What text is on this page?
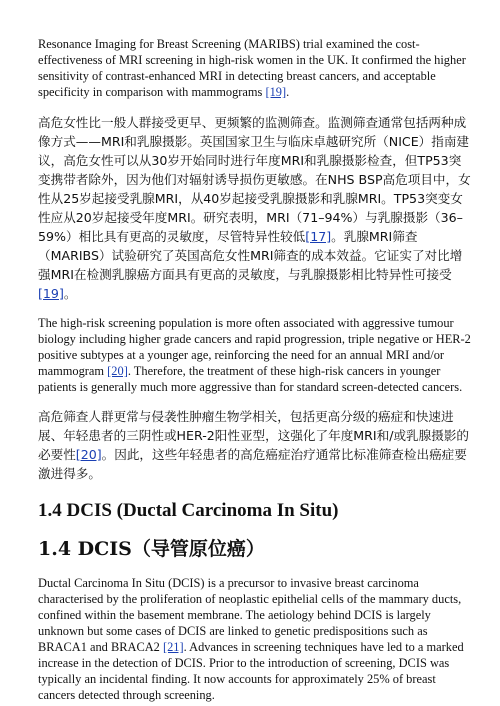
Resonance Imaging for Breast Screening (MARIBS) trial examined the cost-effectiveness of MRI screening in high-risk women in the UK. It confirmed the higher sensitivity of contrast-enhanced MRI in detecting breast cancers, and acceptable specificity in comparison with mammograms [19].

高危女性比一般人群接受更早、更频繁的监测筛查。监测筛查通常包括两种成像方式——MRI和乳腺摄影。英国国家卫生与临床卓越研究所（NICE）指南建议，高危女性可以从30岁开始同时进行年度MRI和乳腺摄影检查，但TP53突变携带者除外，因为他们对辐射诱导损伤更敏感。在NHS BSP高危项目中，女性从25岁起接受乳腺MRI，从40岁起接受乳腺摄影和乳腺MRI。TP53突变女性应从20岁起接受年度MRI。研究表明，MRI（71–94%）与乳腺摄影（36–59%）相比具有更高的灵敏度，尽管特异性较低[17]。乳腺MRI筛查（MARIBS）试验研究了英国高危女性MRI筛查的成本效益。它证实了对比增强MRI在检测乳腺癌方面具有更高的灵敏度，与乳腺摄影相比特异性可接受[19]。

The high-risk screening population is more often associated with aggressive tumour biology including higher grade cancers and rapid progression, triple negative or HER-2 positive subtypes at a younger age, reinforcing the need for an annual MRI and/or mammogram [20]. Therefore, the treatment of these high-risk cancers in younger patients is generally much more aggressive than for standard screen-detected cancers.

高危筛查人群更常与侵袭性肿瘤生物学相关，包括更高分级的癌症和快速进展、年轻患者的三阴性或HER-2阳性亚型，这强化了年度MRI和/或乳腺摄影的必要性[20]。因此，这些年轻患者的高危癌症治疗通常比标准筛查检出癌症要激进得多。

1.4 DCIS (Ductal Carcinoma In Situ)
1.4 DCIS（导管原位癌）

Ductal Carcinoma In Situ (DCIS) is a precursor to invasive breast carcinoma characterised by the proliferation of neoplastic epithelial cells of the mammary ducts, confined within the basement membrane. The aetiology behind DCIS is largely unknown but some cases of DCIS are linked to genetic predispositions such as BRACA1 and BRACA2 [21]. Advances in screening techniques have led to a marked increase in the detection of DCIS. Prior to the introduction of screening, DCIS was typically an incidental finding. It now accounts for approximately 25% of breast cancers detected through screening.
